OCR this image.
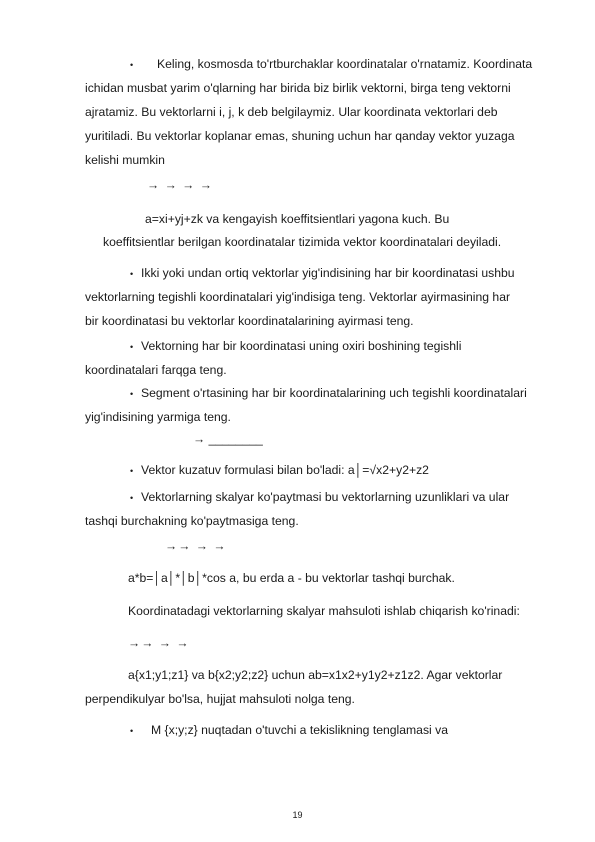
• Keling, kosmosda to'rtburchaklar koordinatalar o'rnatamiz. Koordinata
ichidan musbat yarim o'qlarning har birida biz birlik vektorni, birga teng vektorni
ajratamiz. Bu vektorlarni i, j, k deb belgilaymiz. Ular koordinata vektorlari deb
yuritiladi. Bu vektorlar koplanar emas, shuning uchun har qanday vektor yuzaga
kelishi mumkin
→ → → →
a=xi+yj+zk va kengayish koeffitsientlari yagona kuch. Bu
koeffitsientlar berilgan koordinatalar tizimida vektor koordinatalari deyiladi.
• Ikki yoki undan ortiq vektorlar yig'indisining har bir koordinatasi ushbu
vektorlarning tegishli koordinatalari yig'indisiga teng. Vektorlar ayirmasining har
bir koordinatasi bu vektorlar koordinatalarining ayirmasi teng.
• Vektorning har bir koordinatasi uning oxiri boshining tegishli
koordinatalari farqga teng.
• Segment o'rtasining har bir koordinatalarining uch tegishli koordinatalari
yig'indisining yarmiga teng.
→ ________
• Vektor kuzatuv formulasi bilan bo'ladi: a│=√x2+y2+z2
• Vektorlarning skalyar ko'paytmasi bu vektorlarning uzunliklari va ular
tashqi burchakning ko'paytmasiga teng.
→→ → →
a*b=│a│*│b│*cos a, bu erda a - bu vektorlar tashqi burchak.
Koordinatadagi vektorlarning skalyar mahsuloti ishlab chiqarish ko'rinadi:
→→ → →
a{x1;y1;z1} va b{x2;y2;z2} uchun ab=x1x2+y1y2+z1z2. Agar vektorlar
perpendikulyar bo'lsa, hujjat mahsuloti nolga teng.
• M {x;y;z} nuqtadan o'tuvchi a tekislikning tenglamasi va
19
